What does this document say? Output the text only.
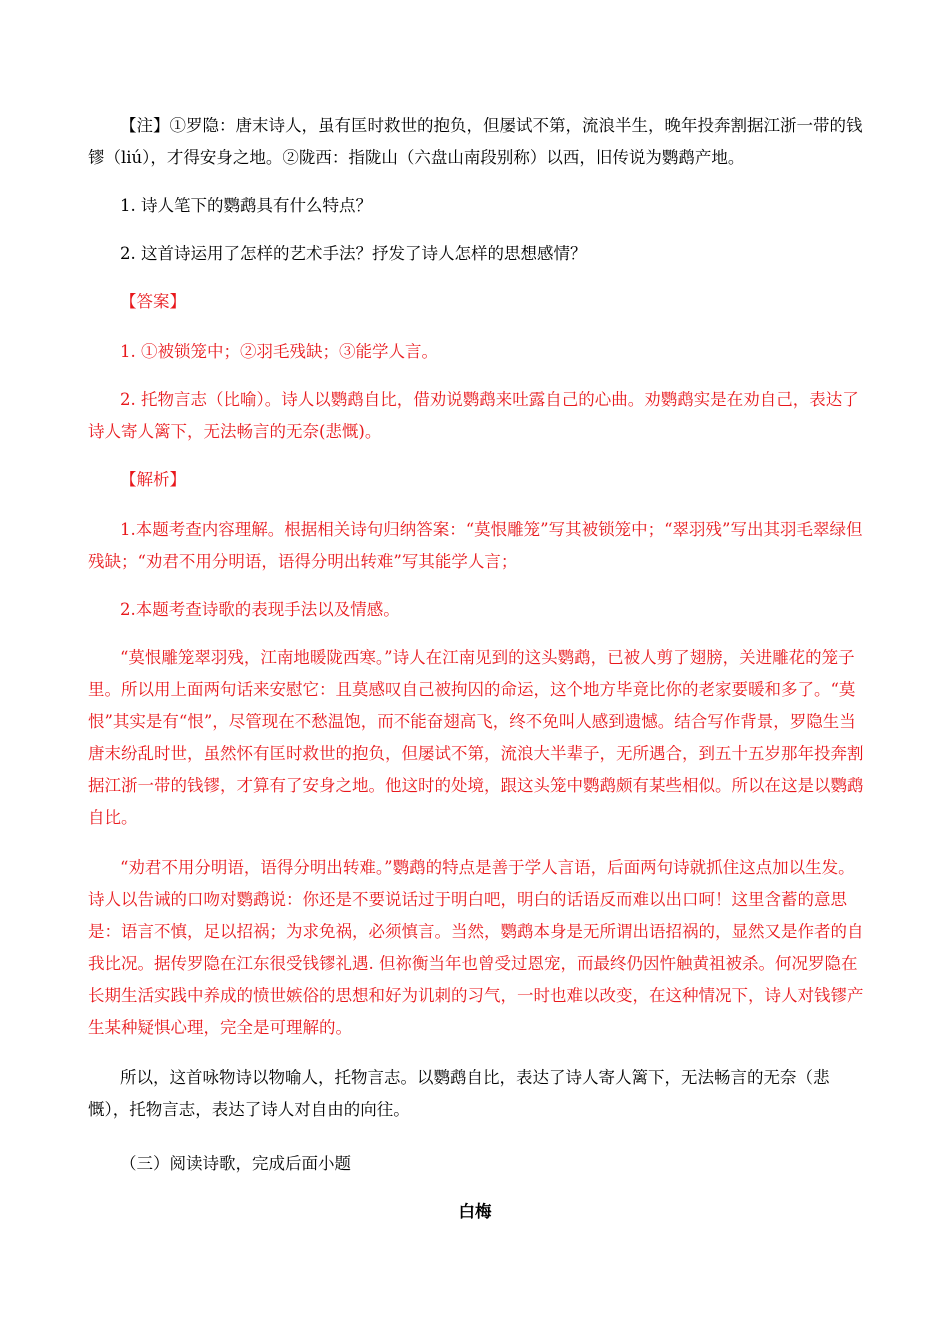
【注】①罗隐：唐末诗人，虽有匡时救世的抱负，但屡试不第，流浪半生，晚年投奔割据江浙一带的钱镠（liú），才得安身之地。②陇西：指陇山（六盘山南段别称）以西，旧传说为鹦鹉产地。

1. 诗人笔下的鹦鹉具有什么特点？

2. 这首诗运用了怎样的艺术手法？抒发了诗人怎样的思想感情？

【答案】

1. ①被锁笼中；②羽毛残缺；③能学人言。

2. 托物言志（比喻）。诗人以鹦鹉自比，借劝说鹦鹉来吐露自己的心曲。劝鹦鹉实是在劝自己，表达了诗人寄人篱下，无法畅言的无奈(悲慨)。

【解析】

1.本题考查内容理解。根据相关诗句归纳答案：“莫恨雕笼”写其被锁笼中；“翠羽残”写出其羽毛翠绿但残缺；“劝君不用分明语，语得分明出转难”写其能学人言；

2.本题考查诗歌的表现手法以及情感。

“莫恨雕笼翠羽残，江南地暖陇西寒。”诗人在江南见到的这头鹦鹉，已被人剪了翅膀，关进雕花的笼子里。所以用上面两句话来安慰它：且莫感叹自己被拘囚的命运，这个地方毕竟比你的老家要暖和多了。“莫恨”其实是有“恨”，尽管现在不愁温饱，而不能奋翅高飞，终不免叫人感到遗憾。结合写作背景，罗隐生当唐末纷乱时世，虽然怀有匡时救世的抱负，但屡试不第，流浪大半辈子，无所遇合，到五十五岁那年投奔割据江浙一带的钱镠，才算有了安身之地。他这时的处境，跟这头笼中鹦鹉颇有某些相似。所以在这是以鹦鹉自比。

“劝君不用分明语，语得分明出转难。”鹦鹉的特点是善于学人言语，后面两句诗就抓住这点加以生发。诗人以告诫的口吻对鹦鹉说：你还是不要说话过于明白吧，明白的话语反而难以出口呵！这里含蓄的意思是：语言不慎，足以招祸；为求免祸，必须慎言。当然，鹦鹉本身是无所谓出语招祸的，显然又是作者的自我比况。据传罗隐在江东很受钱镠礼遇. 但祢衡当年也曾受过恩宠，而最终仍因忤触黄祖被杀。何况罗隐在长期生活实践中养成的愤世嫉俗的思想和好为讥刺的习气，一时也难以改变，在这种情况下，诗人对钱镠产生某种疑惧心理，完全是可理解的。

所以，这首咏物诗以物喻人，托物言志。以鹦鹉自比，表达了诗人寄人篱下，无法畅言的无奈（悲慨），托物言志，表达了诗人对自由的向往。

（三）阅读诗歌，完成后面小题

白梅
